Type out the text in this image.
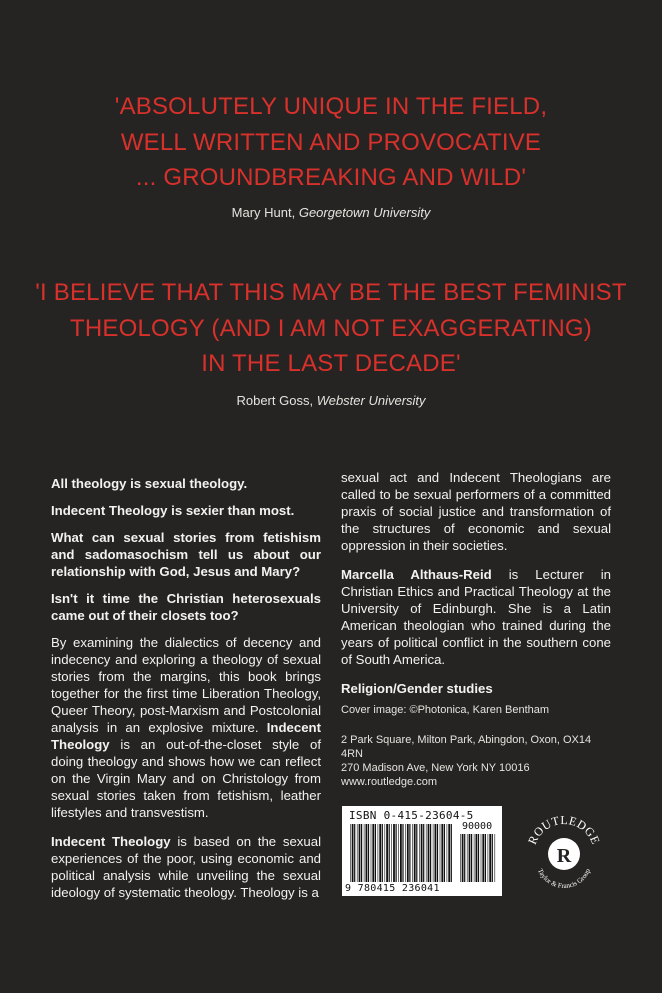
'ABSOLUTELY UNIQUE IN THE FIELD,
WELL WRITTEN AND PROVOCATIVE
... GROUNDBREAKING AND WILD'
Mary Hunt, Georgetown University
'I BELIEVE THAT THIS MAY BE THE BEST FEMINIST
THEOLOGY (AND I AM NOT EXAGGERATING)
IN THE LAST DECADE'
Robert Goss, Webster University

All theology is sexual theology.

Indecent Theology is sexier than most.

What can sexual stories from fetishism and sadomasochism tell us about our relationship with God, Jesus and Mary?

Isn't it time the Christian heterosexuals came out of their closets too?

By examining the dialectics of decency and indecency and exploring a theology of sexual stories from the margins, this book brings together for the first time Liberation Theology, Queer Theory, post-Marxism and Postcolonial analysis in an explosive mixture. Indecent Theology is an out-of-the-closet style of doing theology and shows how we can reflect on the Virgin Mary and on Christology from sexual stories taken from fetishism, leather lifestyles and transvestism.

Indecent Theology is based on the sexual experiences of the poor, using economic and political analysis while unveiling the sexual ideology of systematic theology. Theology is a

sexual act and Indecent Theologians are called to be sexual performers of a committed praxis of social justice and transformation of the structures of economic and sexual oppression in their societies.

Marcella Althaus-Reid is Lecturer in Christian Ethics and Practical Theology at the University of Edinburgh. She is a Latin American theologian who trained during the years of political conflict in the southern cone of South America.

Religion/Gender studies

Cover image: ©Photonica, Karen Bentham

2 Park Square, Milton Park, Abingdon, Oxon, OX14 4RN

270 Madison Ave, New York NY 10016

www.routledge.com

ISBN 0-415-23604-5
90000
9 780415 236041
R
ROUTLEDGE
Taylor & Francis Group
